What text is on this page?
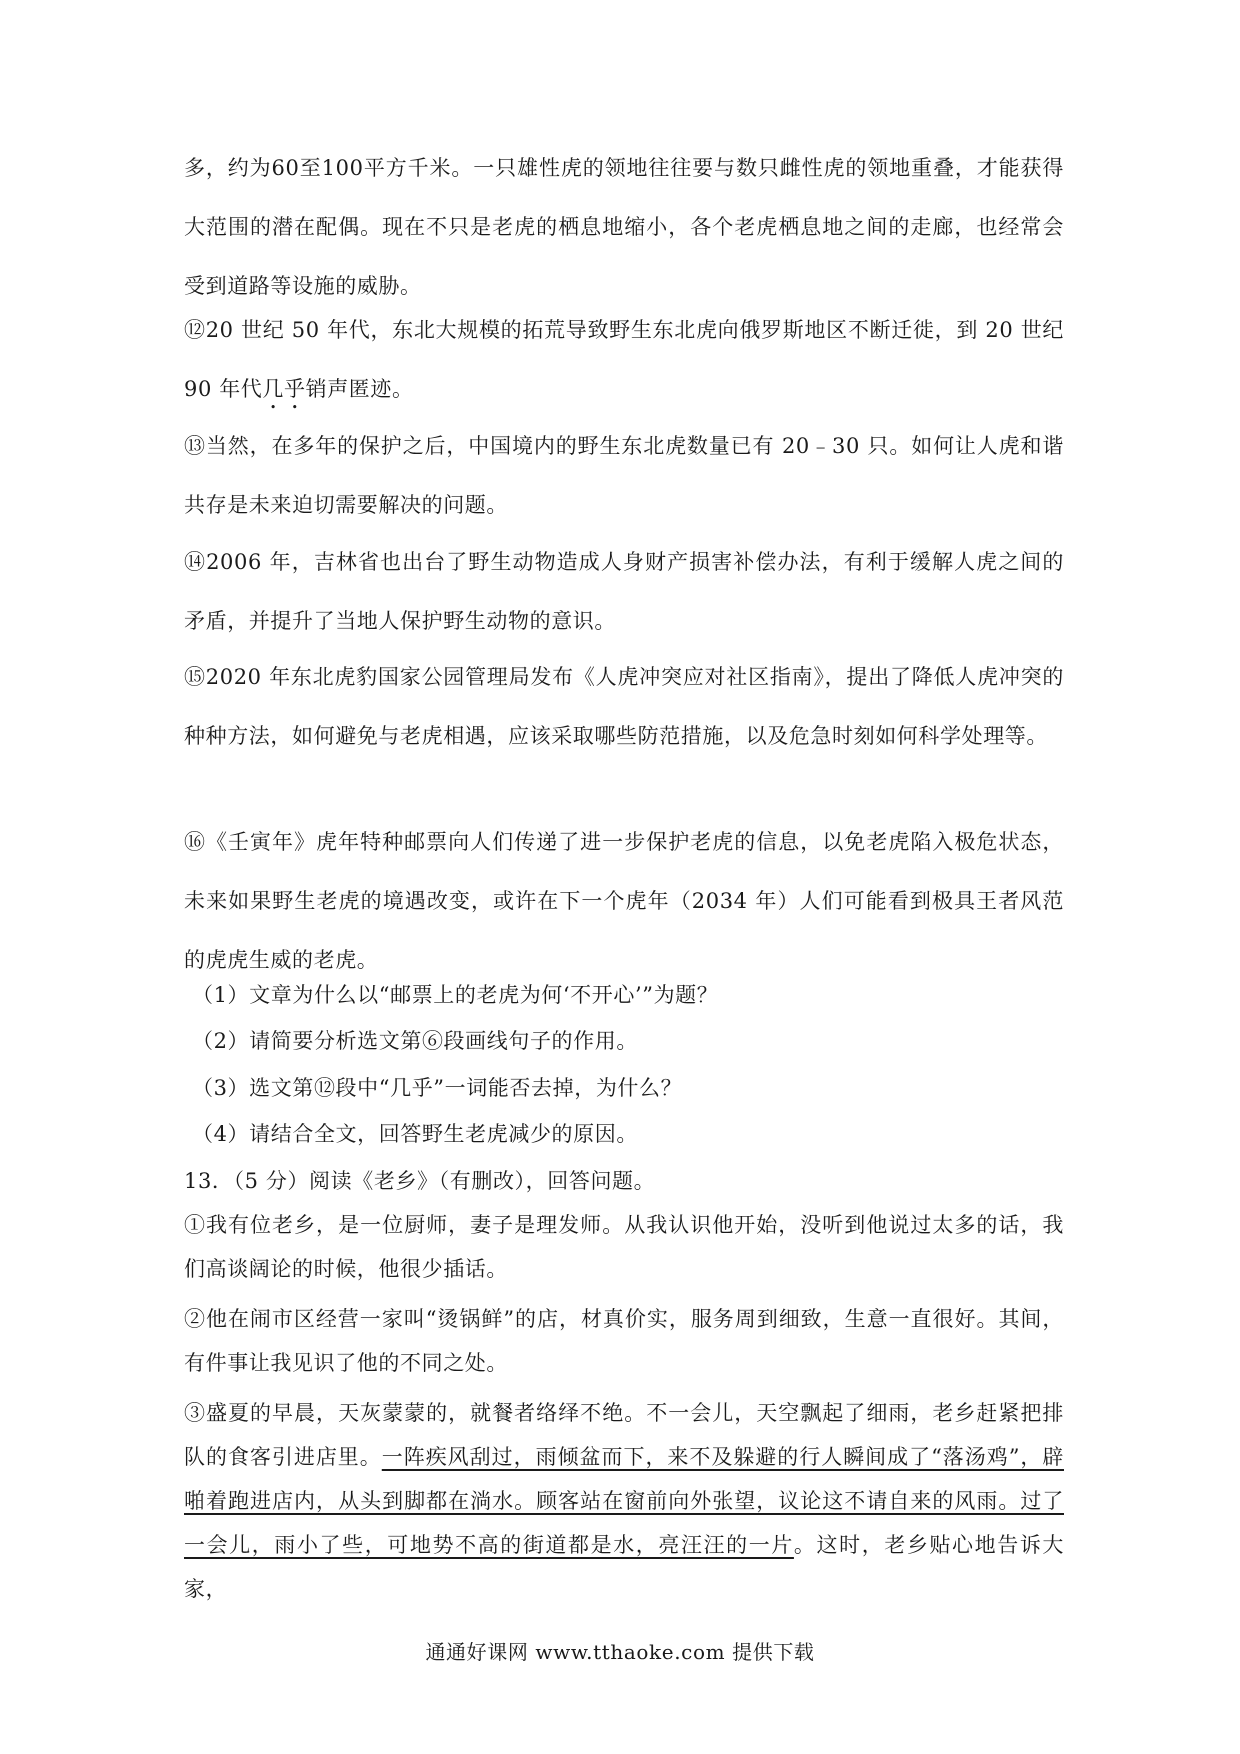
多，约为60至100平方千米。一只雄性虎的领地往往要与数只雌性虎的领地重叠，才能获得大范围的潜在配偶。现在不只是老虎的栖息地缩小，各个老虎栖息地之间的走廊，也经常会受到道路等设施的威胁。

⑫20 世纪 50 年代，东北大规模的拓荒导致野生东北虎向俄罗斯地区不断迁徙，到 20 世纪 90 年代几乎销声匿迹。

⑬当然，在多年的保护之后，中国境内的野生东北虎数量已有 20﹣30 只。如何让人虎和谐共存是未来迫切需要解决的问题。

⑭2006 年，吉林省也出台了野生动物造成人身财产损害补偿办法，有利于缓解人虎之间的矛盾，并提升了当地人保护野生动物的意识。

⑮2020 年东北虎豹国家公园管理局发布《人虎冲突应对社区指南》，提出了降低人虎冲突的种种方法，如何避免与老虎相遇，应该采取哪些防范措施，以及危急时刻如何科学处理等。

⑯《壬寅年》虎年特种邮票向人们传递了进一步保护老虎的信息，以免老虎陷入极危状态，未来如果野生老虎的境遇改变，或许在下一个虎年（2034 年）人们可能看到极具王者风范的虎虎生威的老虎。

（1）文章为什么以“邮票上的老虎为何‘不开心’”为题？

（2）请简要分析选文第⑥段画线句子的作用。

（3）选文第⑫段中“几乎”一词能否去掉，为什么？

（4）请结合全文，回答野生老虎减少的原因。

13．（5 分）阅读《老乡》（有删改），回答问题。

①我有位老乡，是一位厨师，妻子是理发师。从我认识他开始，没听到他说过太多的话，我们高谈阔论的时候，他很少插话。

②他在闹市区经营一家叫“烫锅鲜”的店，材真价实，服务周到细致，生意一直很好。其间，有件事让我见识了他的不同之处。

③盛夏的早晨，天灰蒙蒙的，就餐者络绎不绝。不一会儿，天空飘起了细雨，老乡赶紧把排队的食客引进店里。一阵疾风刮过，雨倾盆而下，来不及躲避的行人瞬间成了“落汤鸡”，辟啪着跑进店内，从头到脚都在淌水。顾客站在窗前向外张望，议论这不请自来的风雨。过了一会儿，雨小了些，可地势不高的街道都是水，亮汪汪的一片。这时，老乡贴心地告诉大家，

通通好课网 www.tthaoke.com 提供下载
